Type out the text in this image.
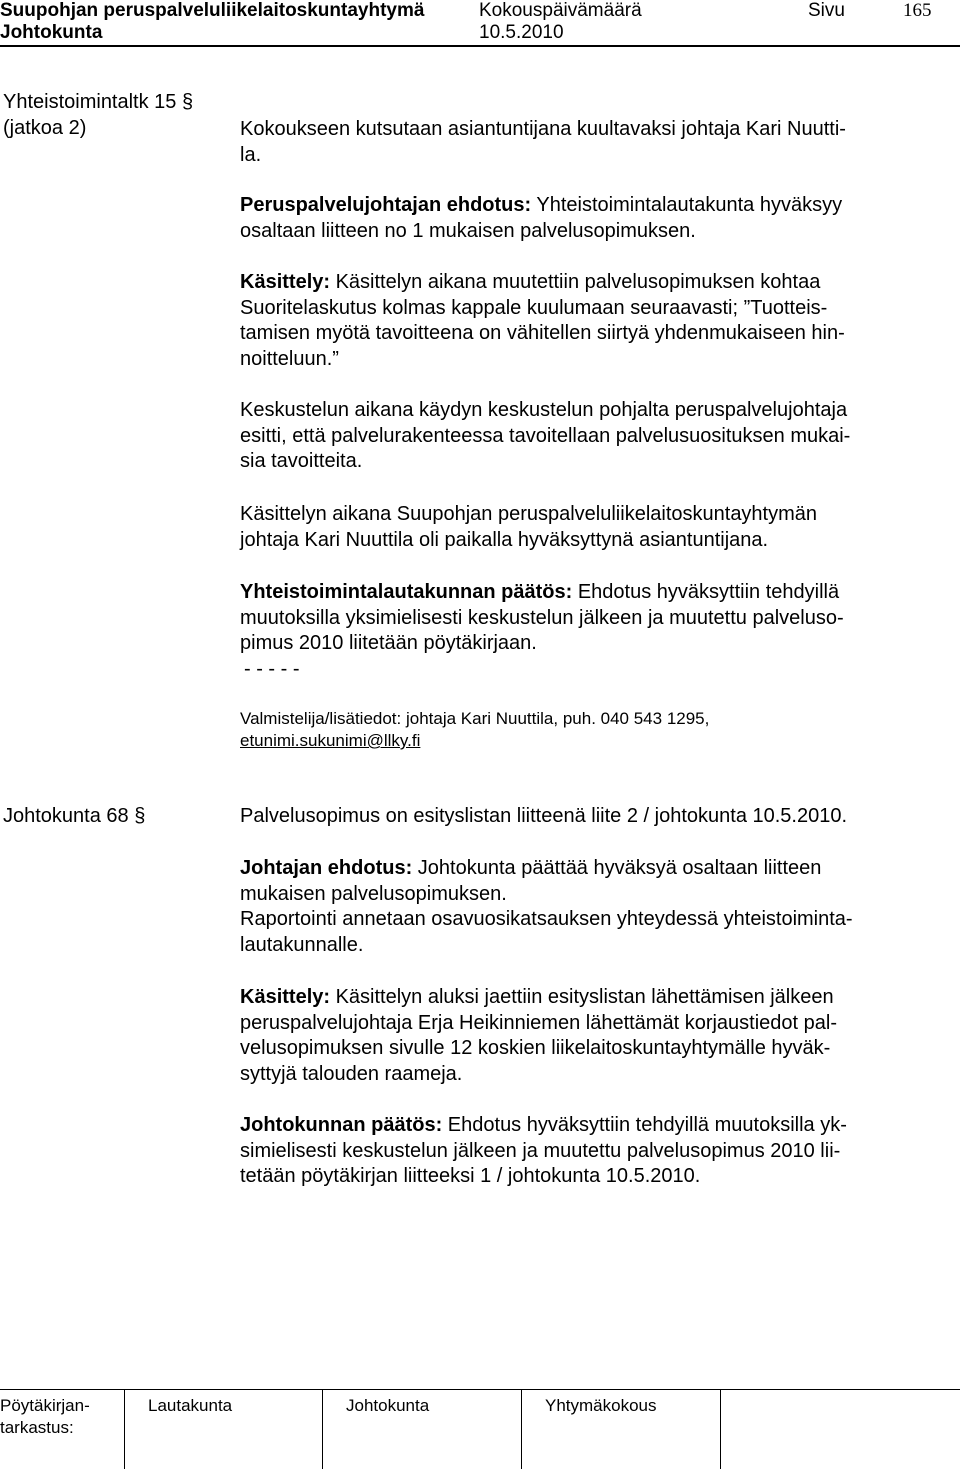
Suupohjan peruspalveluliikelaitoskuntayhtymä	Kokouspäivämäärä	Sivu	165
Johtokunta	10.5.2010
Yhteistoimintaltk 15 §
(jatkoa 2)	Kokoukseen kutsutaan asiantuntijana kuultavaksi johtaja Kari Nuutti-

la.

Peruspalvelujohtajan ehdotus: Yhteistoimintalautakunta hyväksyy

osaltaan liitteen no 1 mukaisen palvelusopimuksen.

Käsittely: Käsittelyn aikana muutettiin palvelusopimuksen kohtaa

Suoritelaskutus kolmas kappale kuulumaan seuraavasti; ”Tuotteis-

tamisen myötä tavoitteena on vähitellen siirtyä yhdenmukaiseen hin-

noitteluun.”

Keskustelun aikana käydyn keskustelun pohjalta peruspalvelujohtaja

esitti, että palvelurakenteessa tavoitellaan palvelusuosituksen mukai-

sia tavoitteita.

Käsittelyn aikana Suupohjan peruspalveluliikelaitoskuntayhtymän

johtaja Kari Nuuttila oli paikalla hyväksyttynä asiantuntijana.

Yhteistoimintalautakunnan päätös: Ehdotus hyväksyttiin tehdyillä

muutoksilla yksimielisesti keskustelun jälkeen ja muutettu palveluso-

pimus 2010 liitetään pöytäkirjaan.

- - - - -

Valmistelija/lisätiedot: johtaja Kari Nuuttila, puh. 040 543 1295,

etunimi.sukunimi@llky.fi

Johtokunta 68 §	Palvelusopimus on esityslistan liitteenä liite 2 / johtokunta 10.5.2010.

Johtajan ehdotus: Johtokunta päättää hyväksyä osaltaan liitteen

mukaisen palvelusopimuksen.

Raportointi annetaan osavuosikatsauksen yhteydessä yhteistoiminta-

lautakunnalle.

Käsittely: Käsittelyn aluksi jaettiin esityslistan lähettämisen jälkeen

peruspalvelujohtaja Erja Heikinniemen lähettämät korjaustiedot pal-

velusopimuksen sivulle 12 koskien liikelaitoskuntayhtymälle hyväk-

syttyjä talouden raameja.

Johtokunnan päätös: Ehdotus hyväksyttiin tehdyillä muutoksilla yk-

simielisesti keskustelun jälkeen ja muutettu palvelusopimus 2010 lii-

tetään pöytäkirjan liitteeksi 1 / johtokunta 10.5.2010.

Pöytäkirjan-
tarkastus:
Lautakunta	Johtokunta	Yhtymäkokous
